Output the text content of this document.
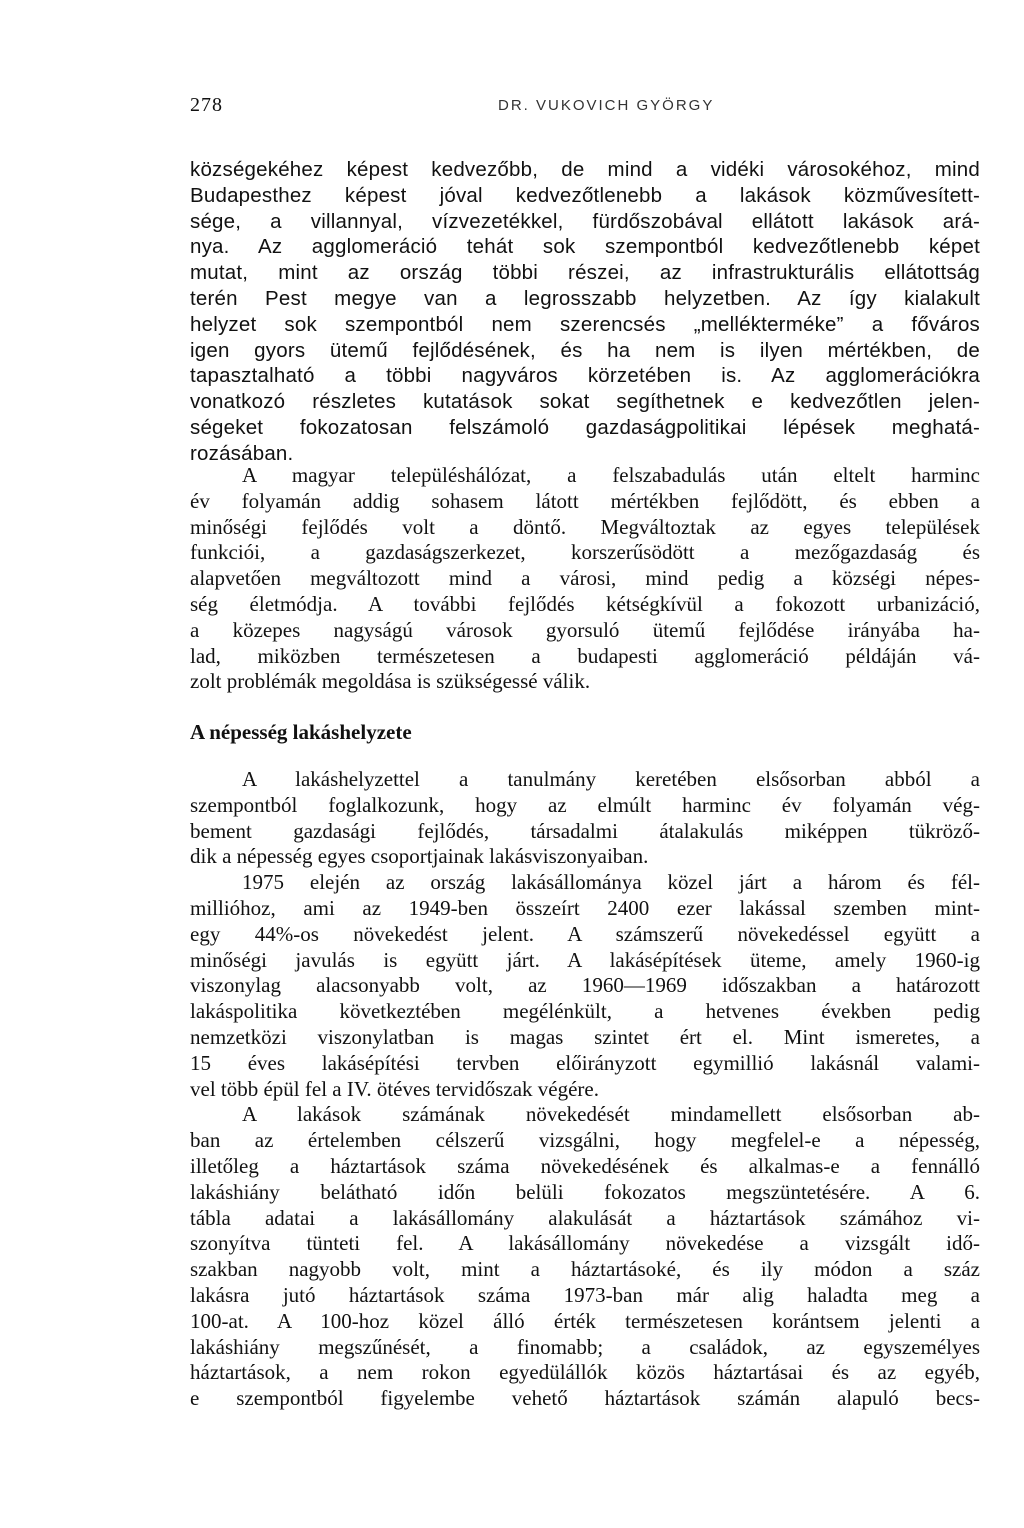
278	DR. VUKOVICH GYÖRGY
községekéhez képest kedvezőbb, de mind a vidéki városokéhoz, mind
Budapesthez képest jóval kedvezőtlenebb a lakások közművesített-
sége, a villannyal, vízvezetékkel, fürdőszobával ellátott lakások ará-
nya. Az agglomeráció tehát sok szempontból kedvezőtlenebb képet
mutat, mint az ország többi részei, az infrastrukturális ellátottság
terén Pest megye van a legrosszabb helyzetben. Az így kialakult
helyzet sok szempontból nem szerencsés „mellékterméke” a főváros
igen gyors ütemű fejlődésének, és ha nem is ilyen mértékben, de
tapasztalható a többi nagyváros körzetében is. Az agglomerációkra
vonatkozó részletes kutatások sokat segíthetnek e kedvezőtlen jelen-
ségeket fokozatosan felszámoló gazdaságpolitikai lépések meghatá-
rozásában.
A magyar településhálózat, a felszabadulás után eltelt harminc
év folyamán addig sohasem látott mértékben fejlődött, és ebben a
minőségi fejlődés volt a döntő. Megváltoztak az egyes települések
funkciói, a gazdaságszerkezet, korszerűsödött a mezőgazdaság és
alapvetően megváltozott mind a városi, mind pedig a községi népes-
ség életmódja. A további fejlődés kétségkívül a fokozott urbanizáció,
a közepes nagyságú városok gyorsuló ütemű fejlődése irányába ha-
lad, miközben természetesen a budapesti agglomeráció példáján vá-
zolt problémák megoldása is szükségessé válik.
A népesség lakáshelyzete
A lakáshelyzettel a tanulmány keretében elsősorban abból a
szempontból foglalkozunk, hogy az elmúlt harminc év folyamán vég-
bement gazdasági fejlődés, társadalmi átalakulás miképpen tükröző-
dik a népesség egyes csoportjainak lakásviszonyaiban.
1975 elején az ország lakásállománya közel járt a három és fél-
millióhoz, ami az 1949-ben összeírt 2400 ezer lakással szemben mint-
egy 44%-os növekedést jelent. A számszerű növekedéssel együtt a
minőségi javulás is együtt járt. A lakásépítések üteme, amely 1960-ig
viszonylag alacsonyabb volt, az 1960—1969 időszakban a határozott
lakáspolitika következtében megélénkült, a hetvenes években pedig
nemzetközi viszonylatban is magas szintet ért el. Mint ismeretes, a
15 éves lakásépítési tervben előirányzott egymillió lakásnál valami-
vel több épül fel a IV. ötéves tervidőszak végére.
A lakások számának növekedését mindamellett elsősorban ab-
ban az értelemben célszerű vizsgálni, hogy megfelel-e a népesség,
illetőleg a háztartások száma növekedésének és alkalmas-e a fennálló
lakáshiány belátható időn belüli fokozatos megszüntetésére. A 6.
tábla adatai a lakásállomány alakulását a háztartások számához vi-
szonyítva tünteti fel. A lakásállomány növekedése a vizsgált idő-
szakban nagyobb volt, mint a háztartásoké, és ily módon a száz
lakásra jutó háztartások száma 1973-ban már alig haladta meg a
100-at. A 100-hoz közel álló érték természetesen korántsem jelenti a
lakáshiány megszűnését, a finomabb; a családok, az egyszemélyes
háztartások, a nem rokon egyedülállók közös háztartásai és az egyéb,
e szempontból figyelembe vehető háztartások számán alapuló becs-
